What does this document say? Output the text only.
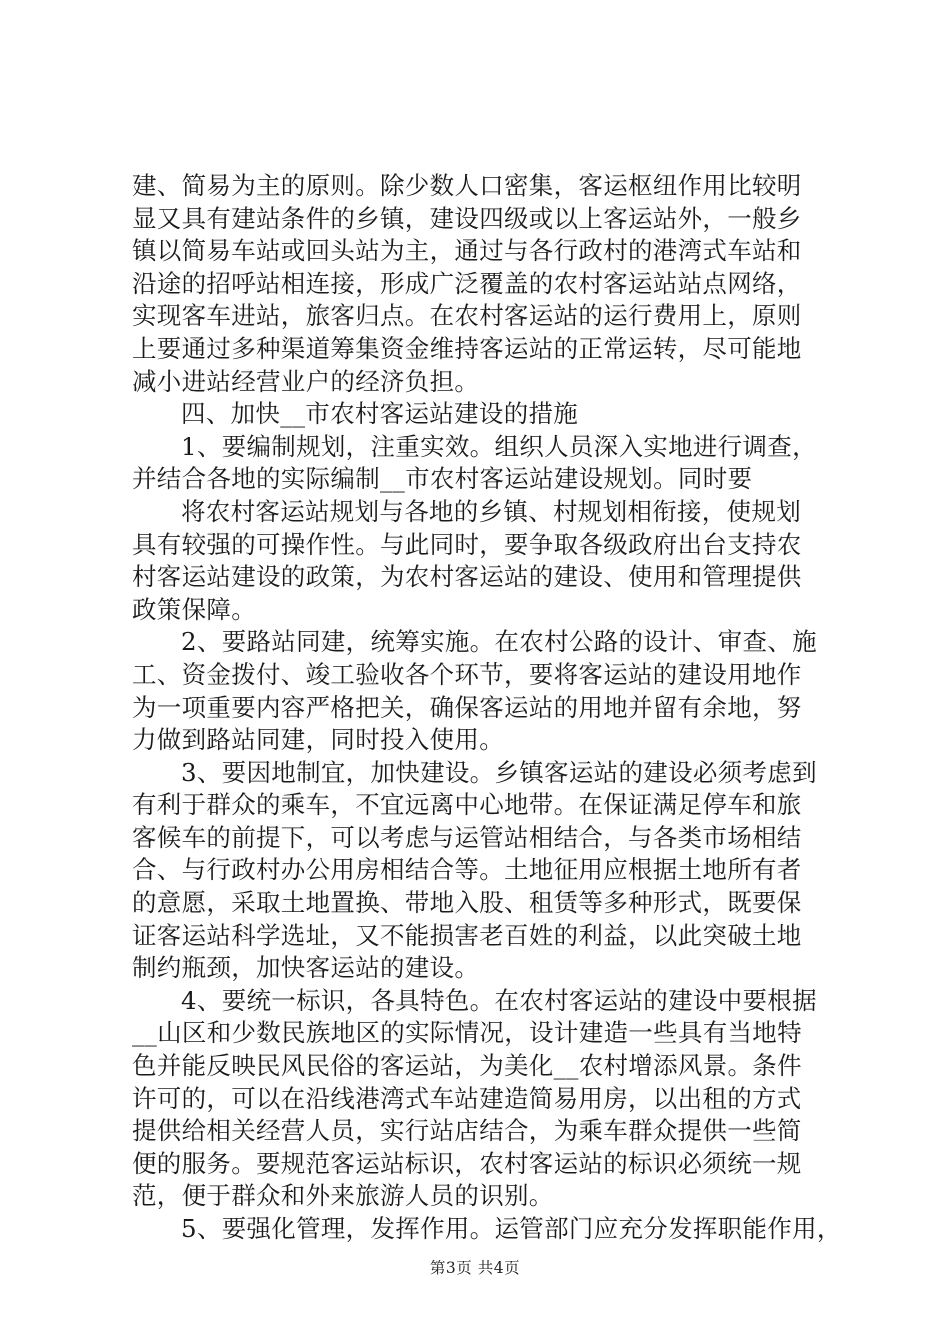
建、简易为主的原则。除少数人口密集，客运枢纽作用比较明
显又具有建站条件的乡镇，建设四级或以上客运站外，一般乡
镇以简易车站或回头站为主，通过与各行政村的港湾式车站和
沿途的招呼站相连接，形成广泛覆盖的农村客运站站点网络，
实现客车进站，旅客归点。在农村客运站的运行费用上，原则
上要通过多种渠道筹集资金维持客运站的正常运转，尽可能地
减小进站经营业户的经济负担。
四、加快__市农村客运站建设的措施
1、要编制规划，注重实效。组织人员深入实地进行调查，
并结合各地的实际编制__市农村客运站建设规划。同时要
将农村客运站规划与各地的乡镇、村规划相衔接，使规划
具有较强的可操作性。与此同时，要争取各级政府出台支持农
村客运站建设的政策，为农村客运站的建设、使用和管理提供
政策保障。
2、要路站同建，统筹实施。在农村公路的设计、审查、施
工、资金拨付、竣工验收各个环节，要将客运站的建设用地作
为一项重要内容严格把关，确保客运站的用地并留有余地，努
力做到路站同建，同时投入使用。
3、要因地制宜，加快建设。乡镇客运站的建设必须考虑到
有利于群众的乘车，不宜远离中心地带。在保证满足停车和旅
客候车的前提下，可以考虑与运管站相结合，与各类市场相结
合、与行政村办公用房相结合等。土地征用应根据土地所有者
的意愿，采取土地置换、带地入股、租赁等多种形式，既要保
证客运站科学选址，又不能损害老百姓的利益，以此突破土地
制约瓶颈，加快客运站的建设。
4、要统一标识，各具特色。在农村客运站的建设中要根据
__山区和少数民族地区的实际情况，设计建造一些具有当地特
色并能反映民风民俗的客运站，为美化__农村增添风景。条件
许可的，可以在沿线港湾式车站建造简易用房，以出租的方式
提供给相关经营人员，实行站店结合，为乘车群众提供一些简
便的服务。要规范客运站标识，农村客运站的标识必须统一规
范，便于群众和外来旅游人员的识别。
5、要强化管理，发挥作用。运管部门应充分发挥职能作用，
第3页 共4页
